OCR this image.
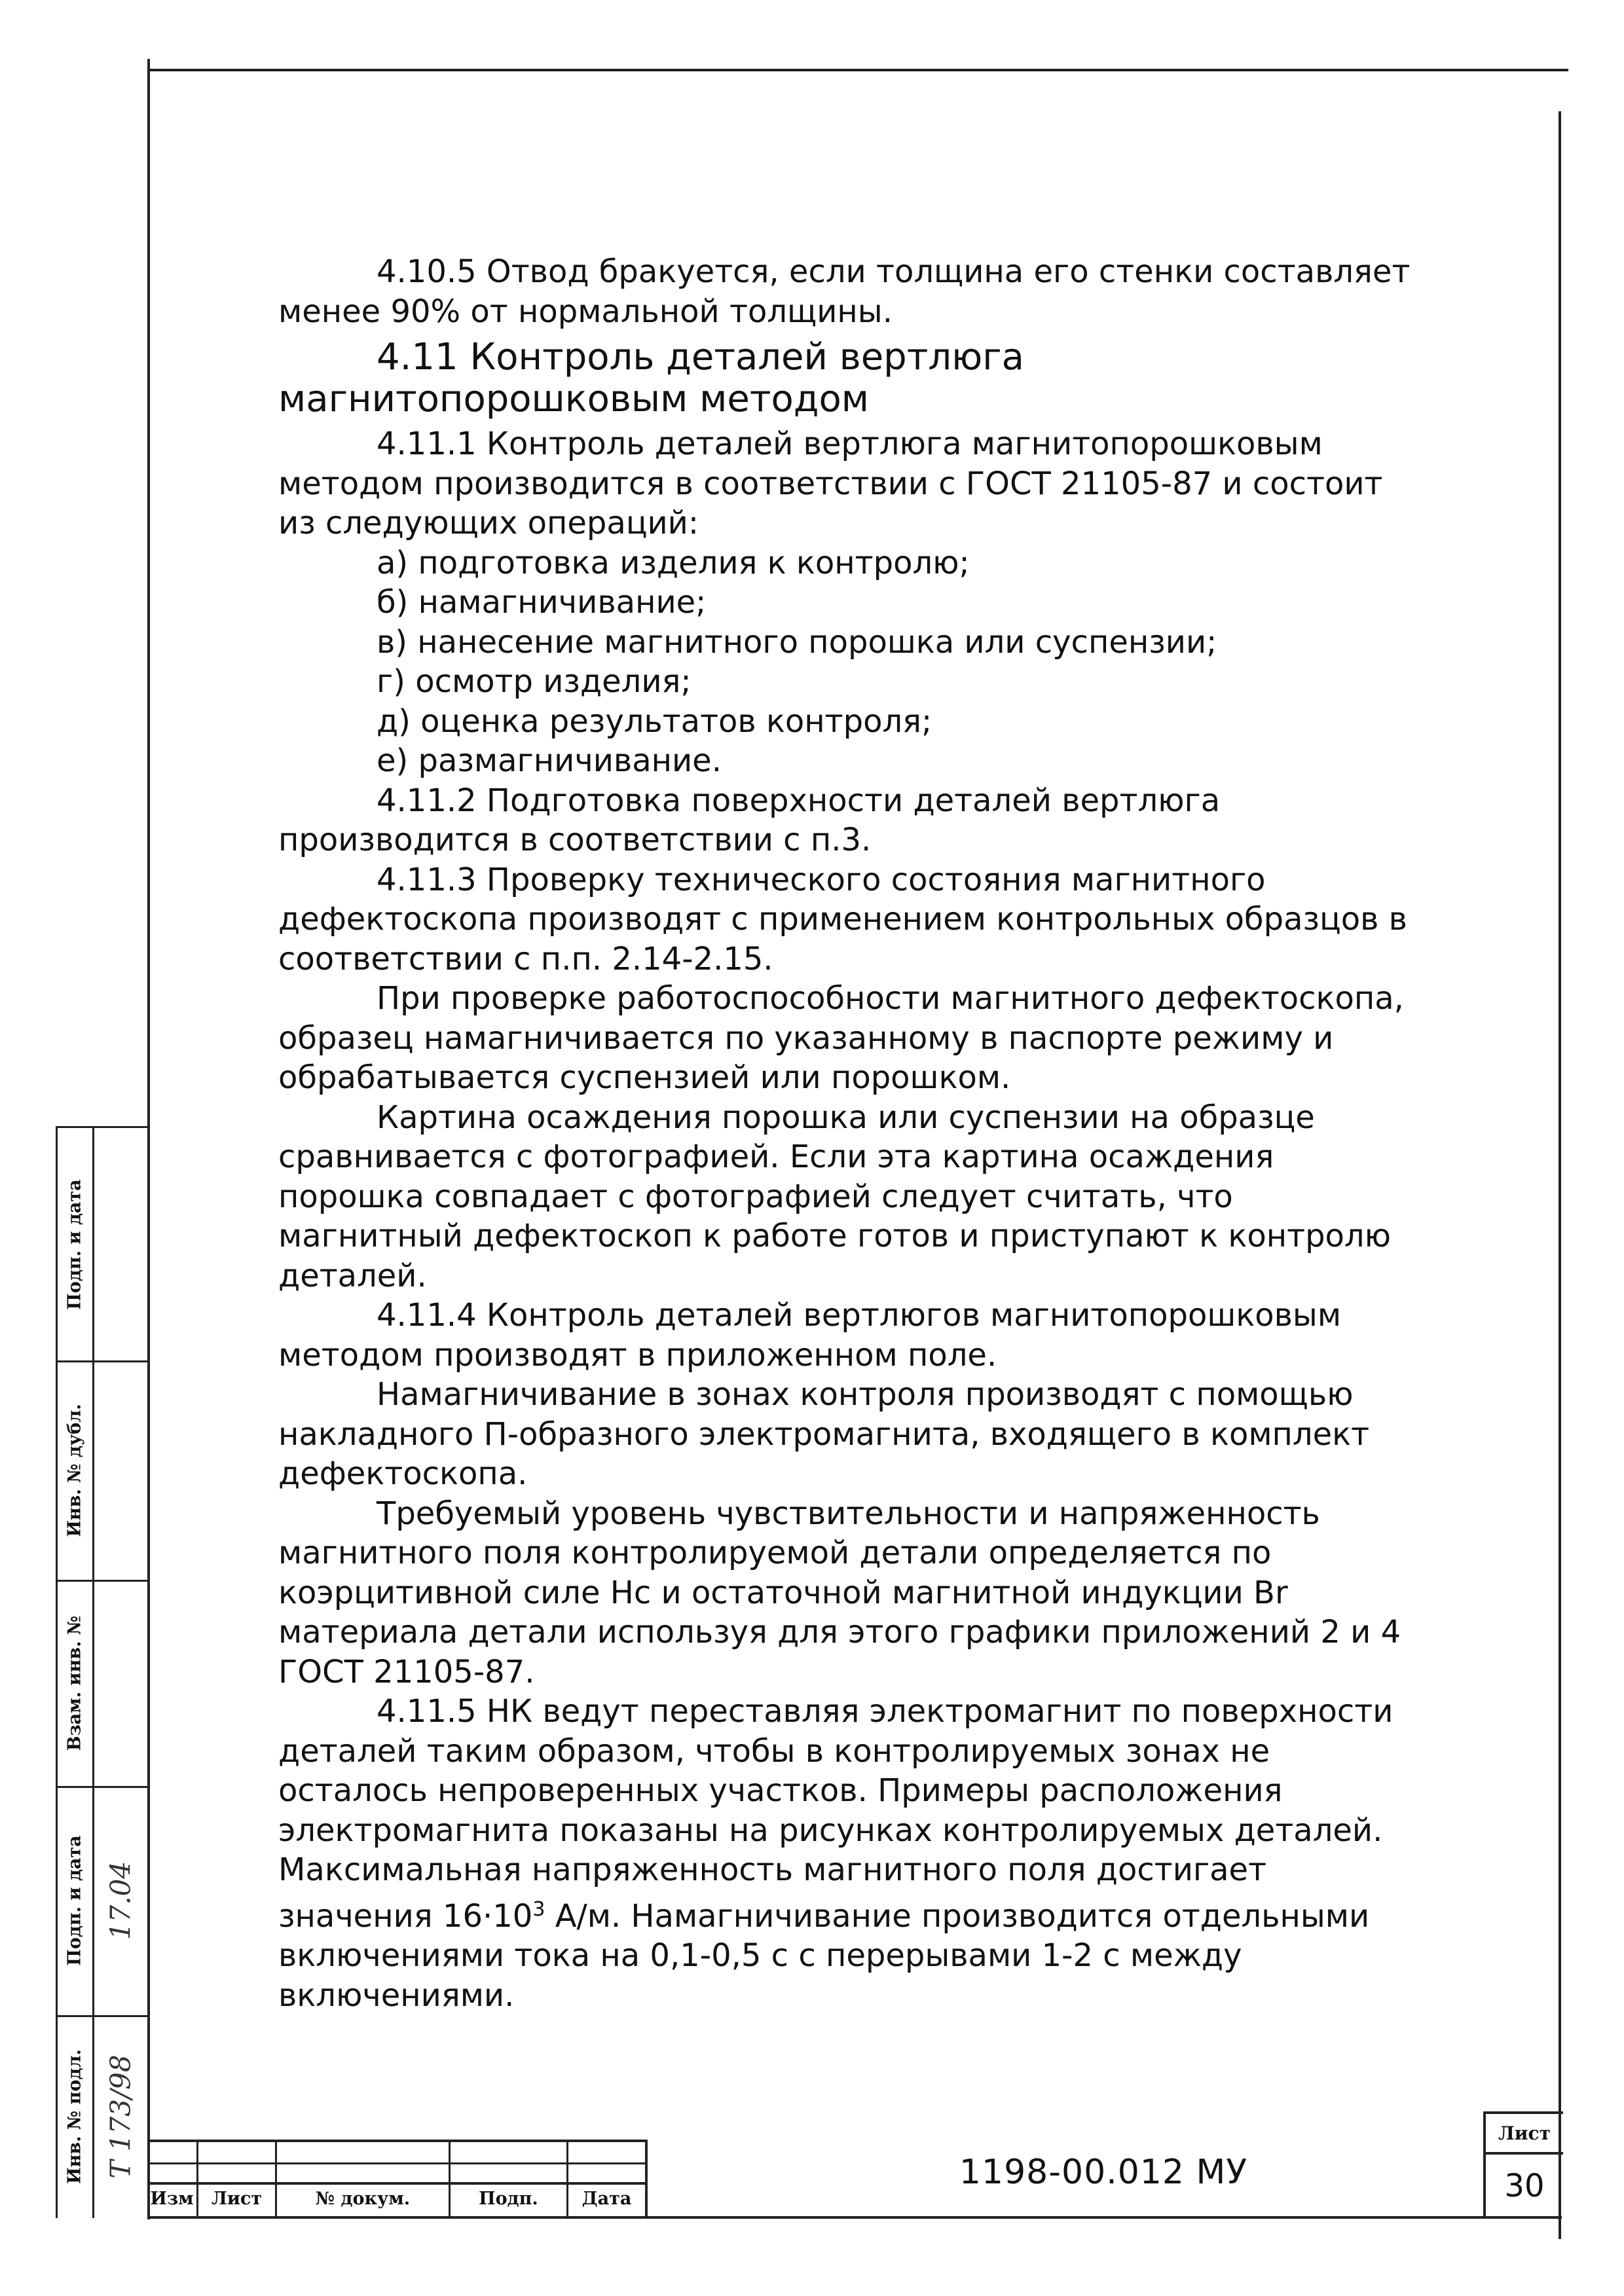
4.10.5 Отвод бракуется, если толщина его стенки составляет менее 90% от нормальной толщины.

4.11 Контроль деталей вертлюга магнитопорошковым методом

4.11.1 Контроль деталей вертлюга магнитопорошковым методом производится в соответствии с ГОСТ 21105-87 и состоит из следующих операций:

а) подготовка изделия к контролю;

б) намагничивание;

в) нанесение магнитного порошка или суспензии;

г) осмотр изделия;

д) оценка результатов контроля;

е) размагничивание.

4.11.2 Подготовка поверхности деталей вертлюга производится в соответствии с п.3.

4.11.3 Проверку технического состояния магнитного дефектоскопа производят с применением контрольных образцов в соответствии с п.п. 2.14-2.15.

При проверке работоспособности магнитного дефектоскопа, образец намагничивается по указанному в паспорте режиму и обрабатывается суспензией или порошком.

Картина осаждения порошка или суспензии на образце сравнивается с фотографией. Если эта картина осаждения порошка совпадает с фотографией следует считать, что магнитный дефектоскоп к работе готов и приступают к контролю деталей.

4.11.4 Контроль деталей вертлюгов магнитопорошковым методом производят в приложенном поле.

Намагничивание в зонах контроля производят с помощью накладного П-образного электромагнита, входящего в комплект дефектоскопа.

Требуемый уровень чувствительности и напряженность магнитного поля контролируемой детали определяется по коэрцитивной силе Hc и остаточной магнитной индукции Br материала детали используя для этого графики приложений 2 и 4 ГОСТ 21105-87.

4.11.5 НК ведут переставляя электромагнит по поверхности деталей таким образом, чтобы в контролируемых зонах не осталось непроверенных участков. Примеры расположения электромагнита показаны на рисунках контролируемых деталей. Максимальная напряженность магнитного поля достигает значения $16\cdot 10^3$ А/м. Намагничивание производится отдельными включениями тока на 0,1-0,5 с с перерывами 1-2 с между включениями.

Инв. № подл.
Подп. и дата
Взам. инв. №
Инв. № дубл.
Подп. и дата
Т 173/98
17.04
Изм	Лист	№ докум.	Подп.	Дата
1198-00.012 МУ
Лист
30
